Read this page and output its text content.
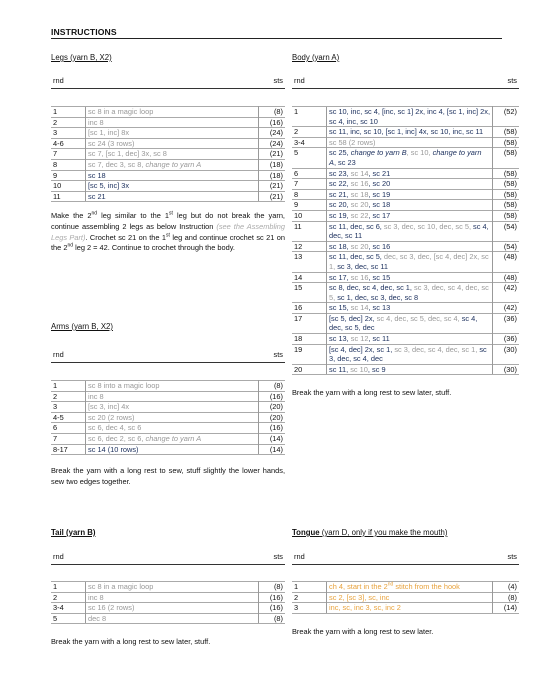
INSTRUCTIONS
Legs (yarn B, X2)
rnd	sts
1	sc 8 in a magic loop	(8)
2	inc 8	(16)
3	[sc 1, inc] 8x	(24)
4-6	sc 24 (3 rows)	(24)
7	sc 7, [sc 1, dec] 3x, sc 8	(21)
8	sc 7, dec 3, sc 8, change to yarn A	(18)
9	sc 18	(18)
10	[sc 5, inc] 3x	(21)
11	sc 21	(21)
Make the 2nd leg similar to the 1st leg but do not break the yarn, continue assembling 2 legs as below Instruction (see the Assembling Legs Part). Crochet sc 21 on the 1st leg and continue crochet sc 21 on the 2nd leg 2 = 42. Continue to crochet through the body.
Arms (yarn B, X2)
rnd	sts
1	sc 8 into a magic loop	(8)
2	inc 8	(16)
3	[sc 3, inc] 4x	(20)
4-5	sc 20 (2 rows)	(20)
6	sc 6, dec 4, sc 6	(16)
7	sc 6, dec 2, sc 6, change to yarn A	(14)
8-17	sc 14 (10 rows)	(14)
Break the yarn with a long rest to sew, stuff slightly the lower hands, sew two edges together.
Tail (yarn B)
rnd	sts
1	sc 8 in a magic loop	(8)
2	inc 8	(16)
3-4	sc 16 (2 rows)	(16)
5	dec 8	(8)
Break the yarn with a long rest to sew later, stuff.
Body (yarn A)
rnd	sts
1	sc 10, inc, sc 4, [inc, sc 1] 2x, inc 4, [sc 1, inc] 2x, sc 4, inc, sc 10	(52)
2	sc 11, inc, sc 10, [sc 1, inc] 4x, sc 10, inc, sc 11	(58)
3-4	sc 58 (2 rows)	(58)
5	sc 25, change to yarn B, sc 10, change to yarn A, sc 23	(58)
6	sc 23, sc 14, sc 21	(58)
7	sc 22, sc 16, sc 20	(58)
8	sc 21, sc 18, sc 19	(58)
9	sc 20, sc 20, sc 18	(58)
10	sc 19, sc 22, sc 17	(58)
11	sc 11, dec, sc 6, sc 3, dec, sc 10, dec, sc 5, sc 4, dec, sc 11	(54)
12	sc 18, sc 20, sc 16	(54)
13	sc 11, dec, sc 5, dec, sc 3, dec, [sc 4, dec] 2x, sc 1, sc 3, dec, sc 11	(48)
14	sc 17, sc 16, sc 15	(48)
15	sc 8, dec, sc 4, dec, sc 1, sc 3, dec, sc 4, dec, sc 5, sc 1, dec, sc 3, dec, sc 8	(42)
16	sc 15, sc 14, sc 13	(42)
17	[sc 5, dec] 2x, sc 4, dec, sc 5, dec, sc 4, sc 4, dec, sc 5, dec	(36)
18	sc 13, sc 12, sc 11	(36)
19	[sc 4, dec] 2x, sc 1, sc 3, dec, sc 4, dec, sc 1, sc 3, dec, sc 4, dec	(30)
20	sc 11, sc 10, sc 9	(30)
Break the yarn with a long rest to sew later, stuff.
Tongue (yarn D, only if you make the mouth)
rnd	sts
1	ch 4, start in the 2nd stitch from the hook	(4)
2	sc 2, [sc 3], sc, inc	(8)
3	inc, sc, inc 3, sc, inc 2	(14)
Break the yarn with a long rest to sew later.
